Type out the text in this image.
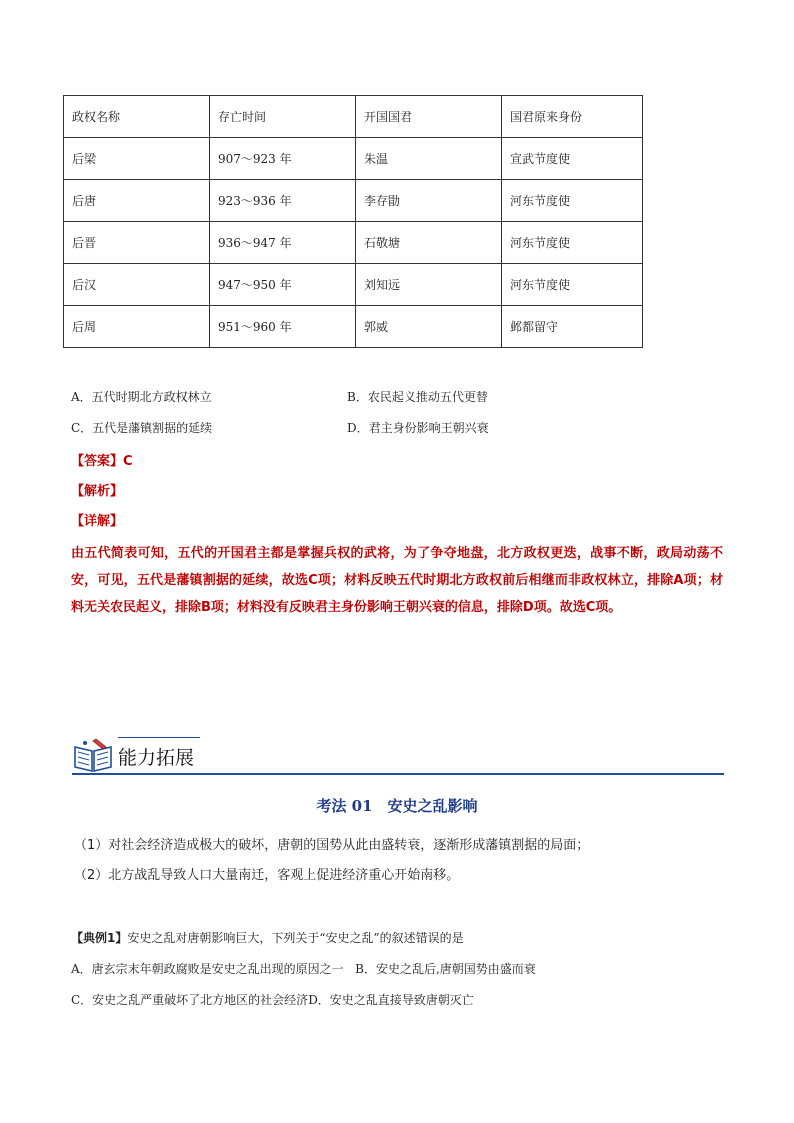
政权名称	存亡时间	开国国君	国君原来身份
后梁	907～923 年	朱温	宣武节度使
后唐	923～936 年	李存勖	河东节度使
后晋	936～947 年	石敬塘	河东节度使
后汉	947～950 年	刘知远	河东节度使
后周	951～960 年	郭威	邺都留守
A．五代时期北方政权林立	B．农民起义推动五代更替
C．五代是藩镇割据的延续	D．君主身份影响王朝兴衰
【答案】C
【解析】
【详解】
由五代简表可知，五代的开国君主都是掌握兵权的武将，为了争夺地盘，北方政权更迭，战事不断，政局动荡不安，可见，五代是藩镇割据的延续，故选C项；材料反映五代时期北方政权前后相继而非政权林立，排除A项；材料无关农民起义，排除B项；材料没有反映君主身份影响王朝兴衰的信息，排除D项。故选C项。
能力拓展
考法 01　安史之乱影响
（1）对社会经济造成极大的破坏，唐朝的国势从此由盛转衰，逐渐形成藩镇割据的局面；
（2）北方战乱导致人口大量南迁，客观上促进经济重心开始南移。
【典例1】安史之乱对唐朝影响巨大，下列关于“安史之乱”的叙述错误的是
A．唐玄宗末年朝政腐败是安史之乱出现的原因之一 B．安史之乱后,唐朝国势由盛而衰
C．安史之乱严重破坏了北方地区的社会经济D．安史之乱直接导致唐朝灭亡
